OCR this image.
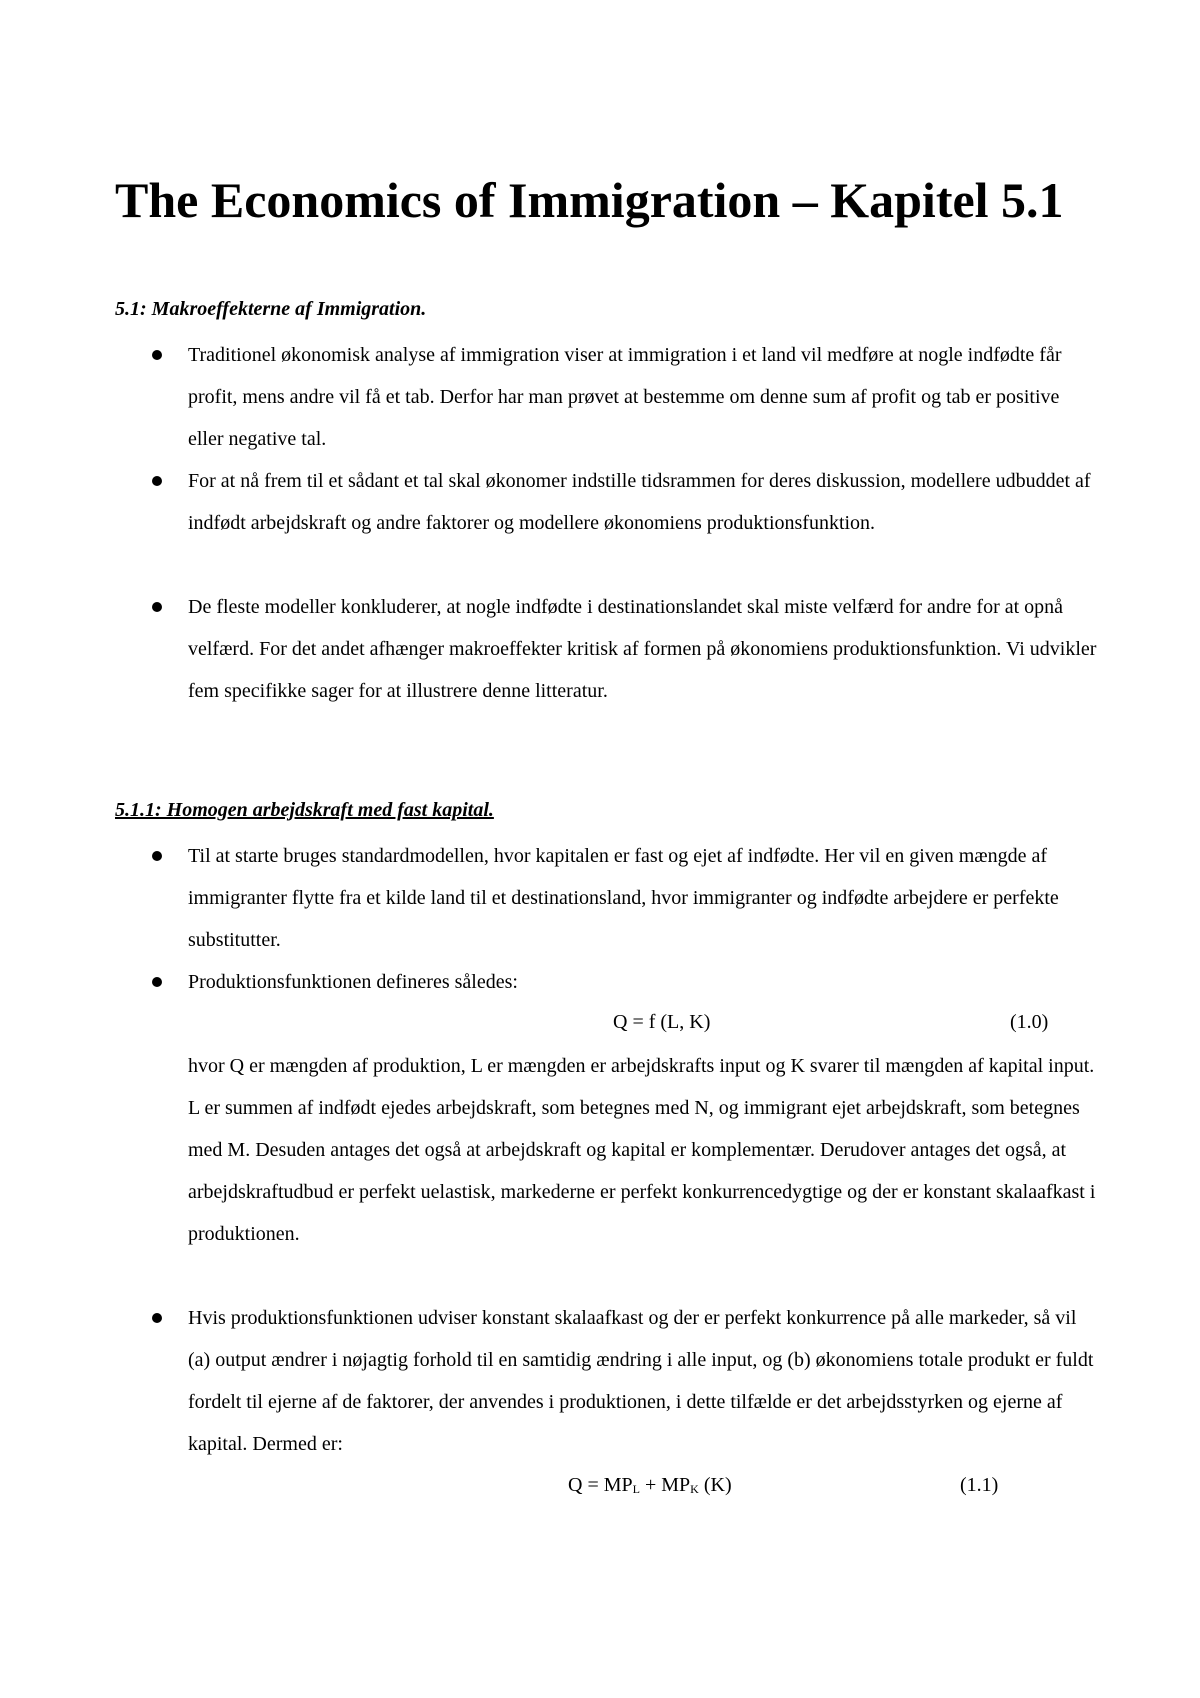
The Economics of Immigration – Kapitel 5.1
5.1: Makroeffekterne af Immigration.

Traditionel økonomisk analyse af immigration viser at immigration i et land vil medføre at nogle indfødte får profit, mens andre vil få et tab. Derfor har man prøvet at bestemme om denne sum af profit og tab er positive eller negative tal.

For at nå frem til et sådant et tal skal økonomer indstille tidsrammen for deres diskussion, modellere udbuddet af indfødt arbejdskraft og andre faktorer og modellere økonomiens produktionsfunktion.

De fleste modeller konkluderer, at nogle indfødte i destinationslandet skal miste velfærd for andre for at opnå velfærd. For det andet afhænger makroeffekter kritisk af formen på økonomiens produktionsfunktion. Vi udvikler fem specifikke sager for at illustrere denne litteratur.

5.1.1: Homogen arbejdskraft med fast kapital.

Til at starte bruges standardmodellen, hvor kapitalen er fast og ejet af indfødte. Her vil en given mængde af immigranter flytte fra et kilde land til et destinationsland, hvor immigranter og indfødte arbejdere er perfekte substitutter.

Produktionsfunktionen defineres således:

Q = f (L, K)	(1.0)

hvor Q er mængden af produktion, L er mængden er arbejdskrafts input og K svarer til mængden af kapital input. L er summen af indfødt ejedes arbejdskraft, som betegnes med N, og immigrant ejet arbejdskraft, som betegnes med M. Desuden antages det også at arbejdskraft og kapital er komplementær. Derudover antages det også, at arbejdskraftudbud er perfekt uelastisk, markederne er perfekt konkurrencedygtige og der er konstant skalaafkast i produktionen.

Hvis produktionsfunktionen udviser konstant skalaafkast og der er perfekt konkurrence på alle markeder, så vil (a) output ændrer i nøjagtig forhold til en samtidig ændring i alle input, og (b) økonomiens totale produkt er fuldt fordelt til ejerne af de faktorer, der anvendes i produktionen, i dette tilfælde er det arbejdsstyrken og ejerne af kapital. Dermed er:

$Q = MP_L + MP_K$ (K)	(1.1)
